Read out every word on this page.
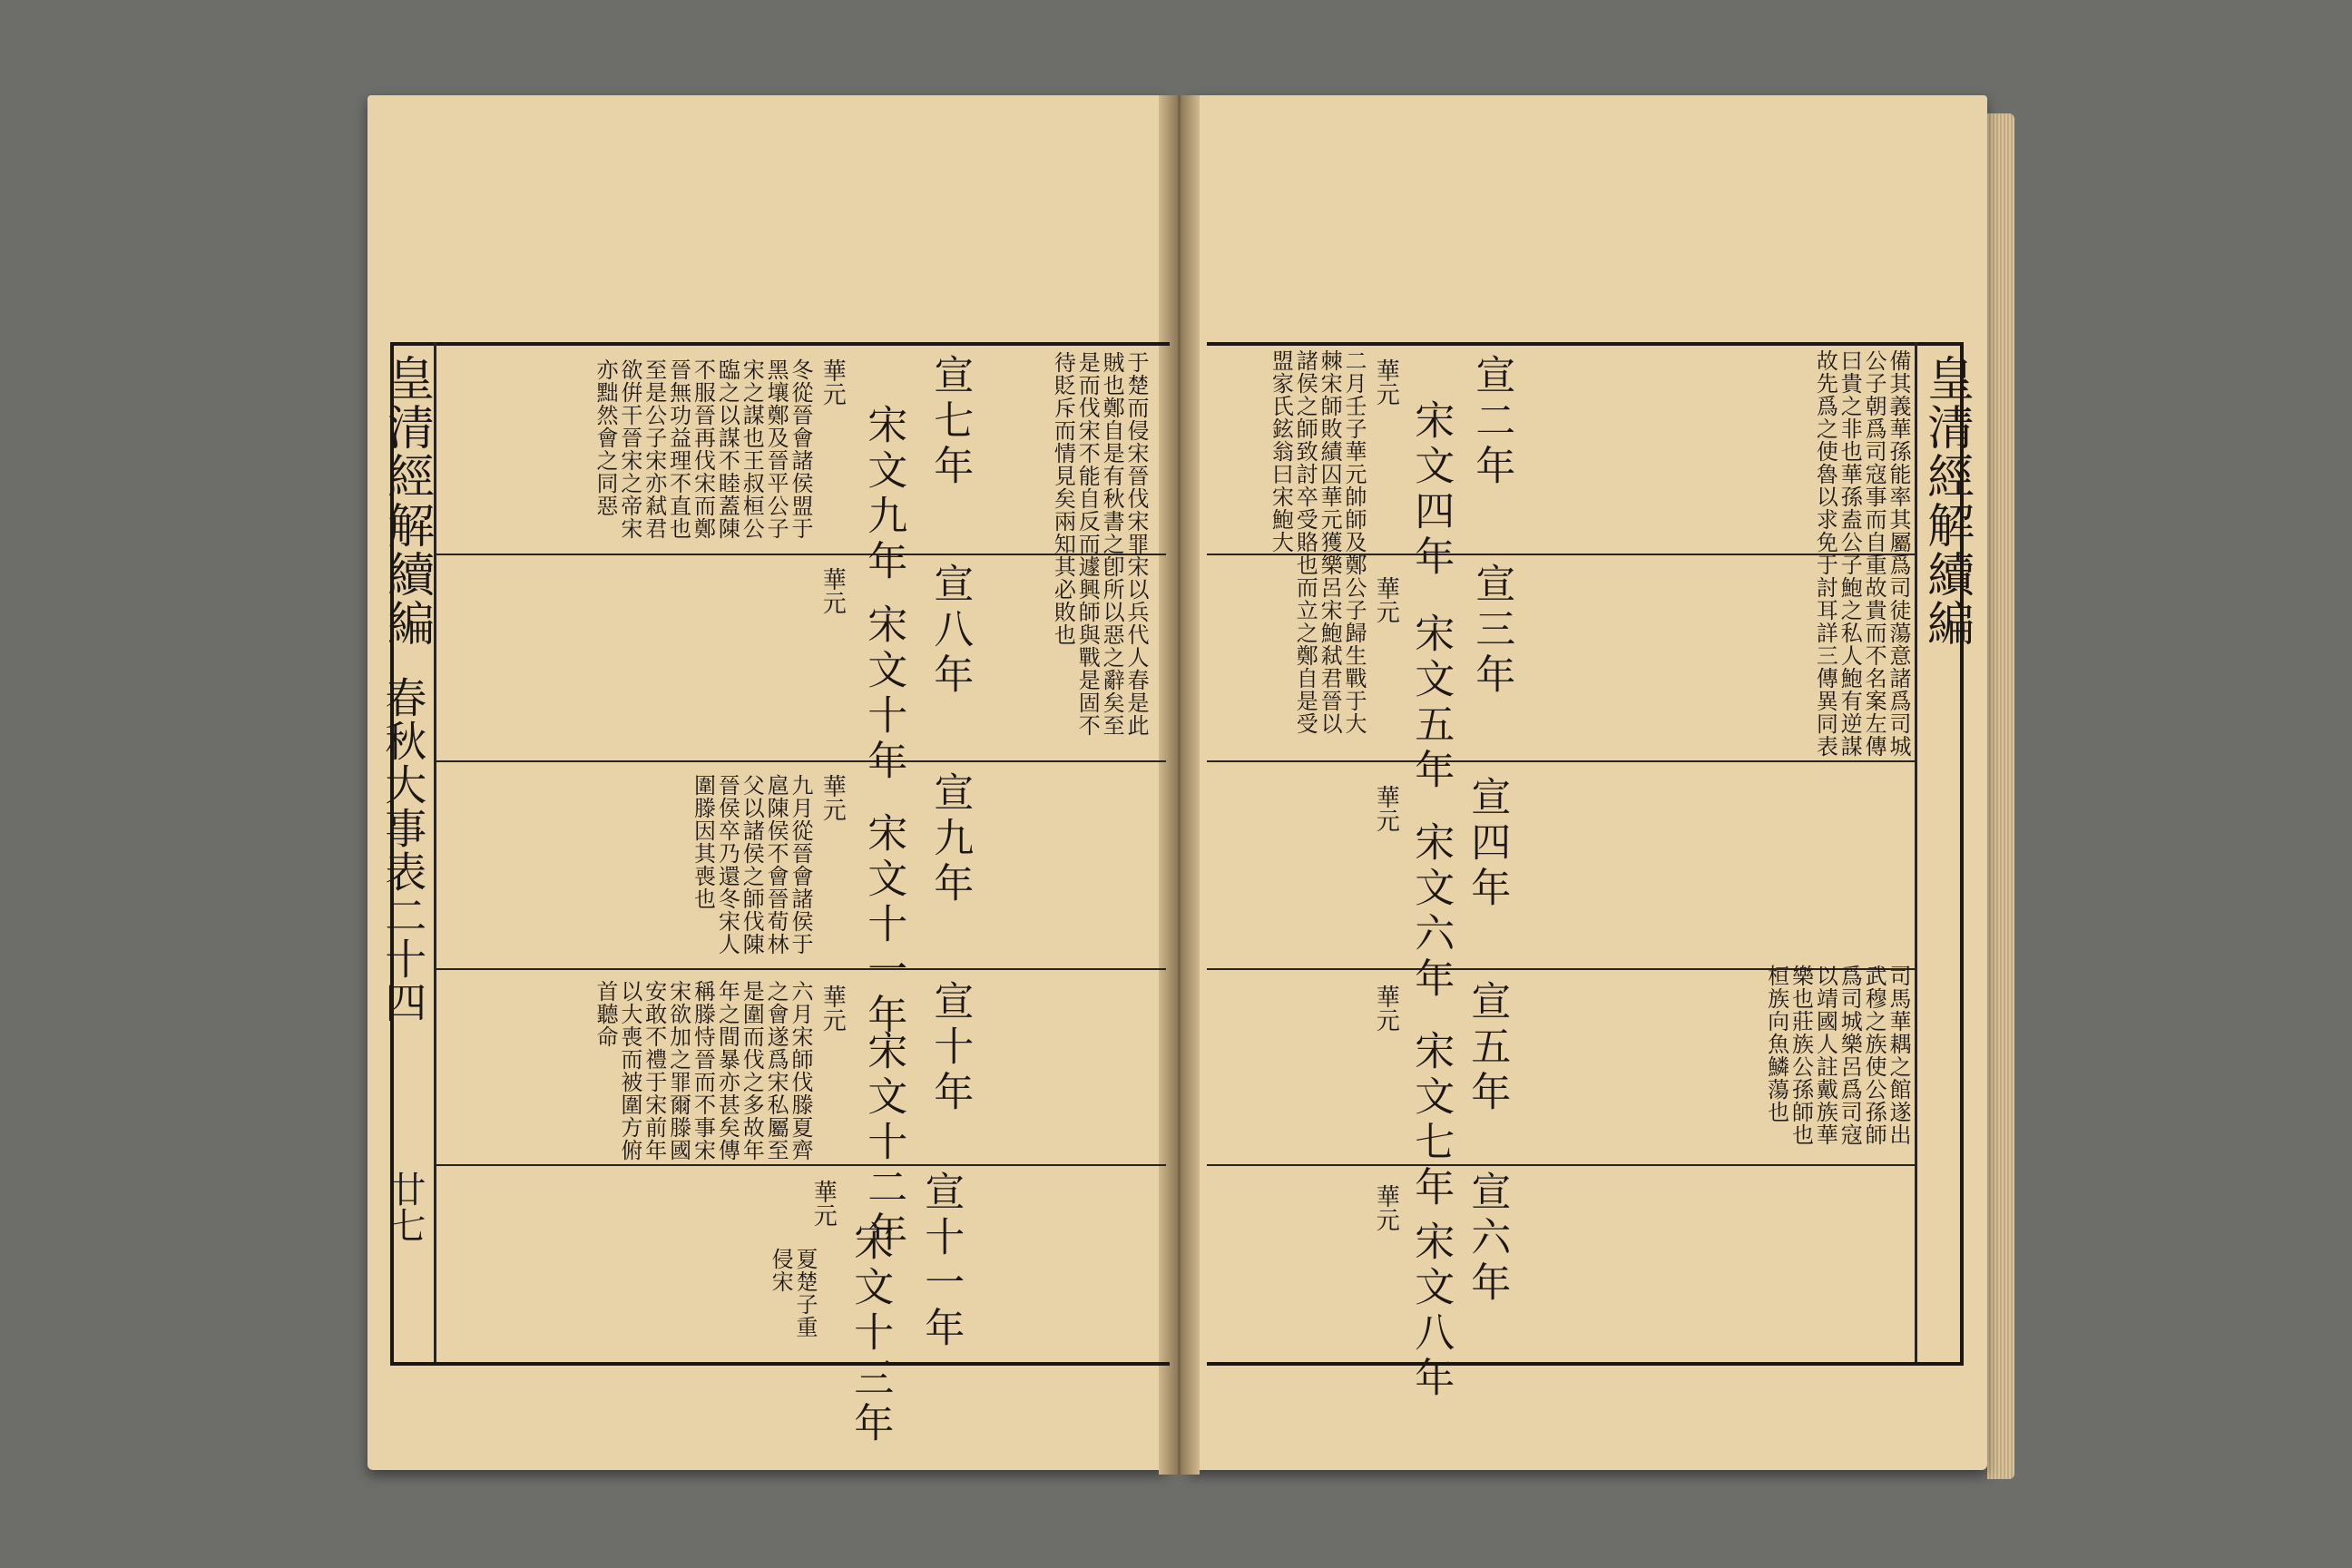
皇清經解續編
春秋大事表二十四
廿七
宣七年
宋文九年
華元
冬從晉會諸侯盟于黑壤鄭及晉平公子宋之謀也王叔桓公臨之以謀不睦蓋陳不服晉再伐宋而鄭晉無功益理不直也至是公子宋亦弒君欲倂干晉宋之帝宋亦黜然會之同惡
宣八年
宋文十年
華元	于楚而侵宋晉伐宋罪宋以兵代人春是此賊也鄭自是有秋書之卽所以惡之辭矣至是而伐宋不能自反而遽興師與戰是固不待貶斥而情見矣兩知其必敗也
宣九年
宋文十一年
華元
九月從晉會諸侯于扈陳侯不會晉荀林父以諸侯之師伐陳晉侯卒乃還冬宋人圍滕因其喪也
宣十年
宋文十二年
華元
六月宋師伐滕夏齊之會遂爲宋私屬至是圍而伐之多故年年之間暴亦甚矣傳稱滕恃晉而不事宋宋欲加之罪爾滕國安敢不禮于宋前年以大喪而被圍方俯首聽命
宣十一年
宋文十三年
華元
夏楚子重侵宋
皇清經解續編
宣二年
宋文四年
華元
二月壬子華元帥師及鄭公子歸生戰于大棘宋師敗績囚華元獲樂呂宋鮑弒君晉以諸侯之師致討卒受賂也而立之鄭自是受盟家氏鉉翁曰宋鮑大
宣三年
宋文五年
華元
宣四年
宋文六年
華元
備其義華孫能率其屬爲司徒蕩意諸爲司城公子朝爲司寇事而自重故貴而不名案左傳曰貴之非也華孫盍公子鮑之私人鮑有逆謀故先爲之使魯以求免于討耳詳三傳異同表
宣五年
宋文七年
華元	司馬華耦之館遂出武穆之族使公孫師爲司城樂呂爲司寇以靖國人註戴族華樂也莊族公孫師也桓族向魚鱗蕩也
宣六年
宋文八年
華元
